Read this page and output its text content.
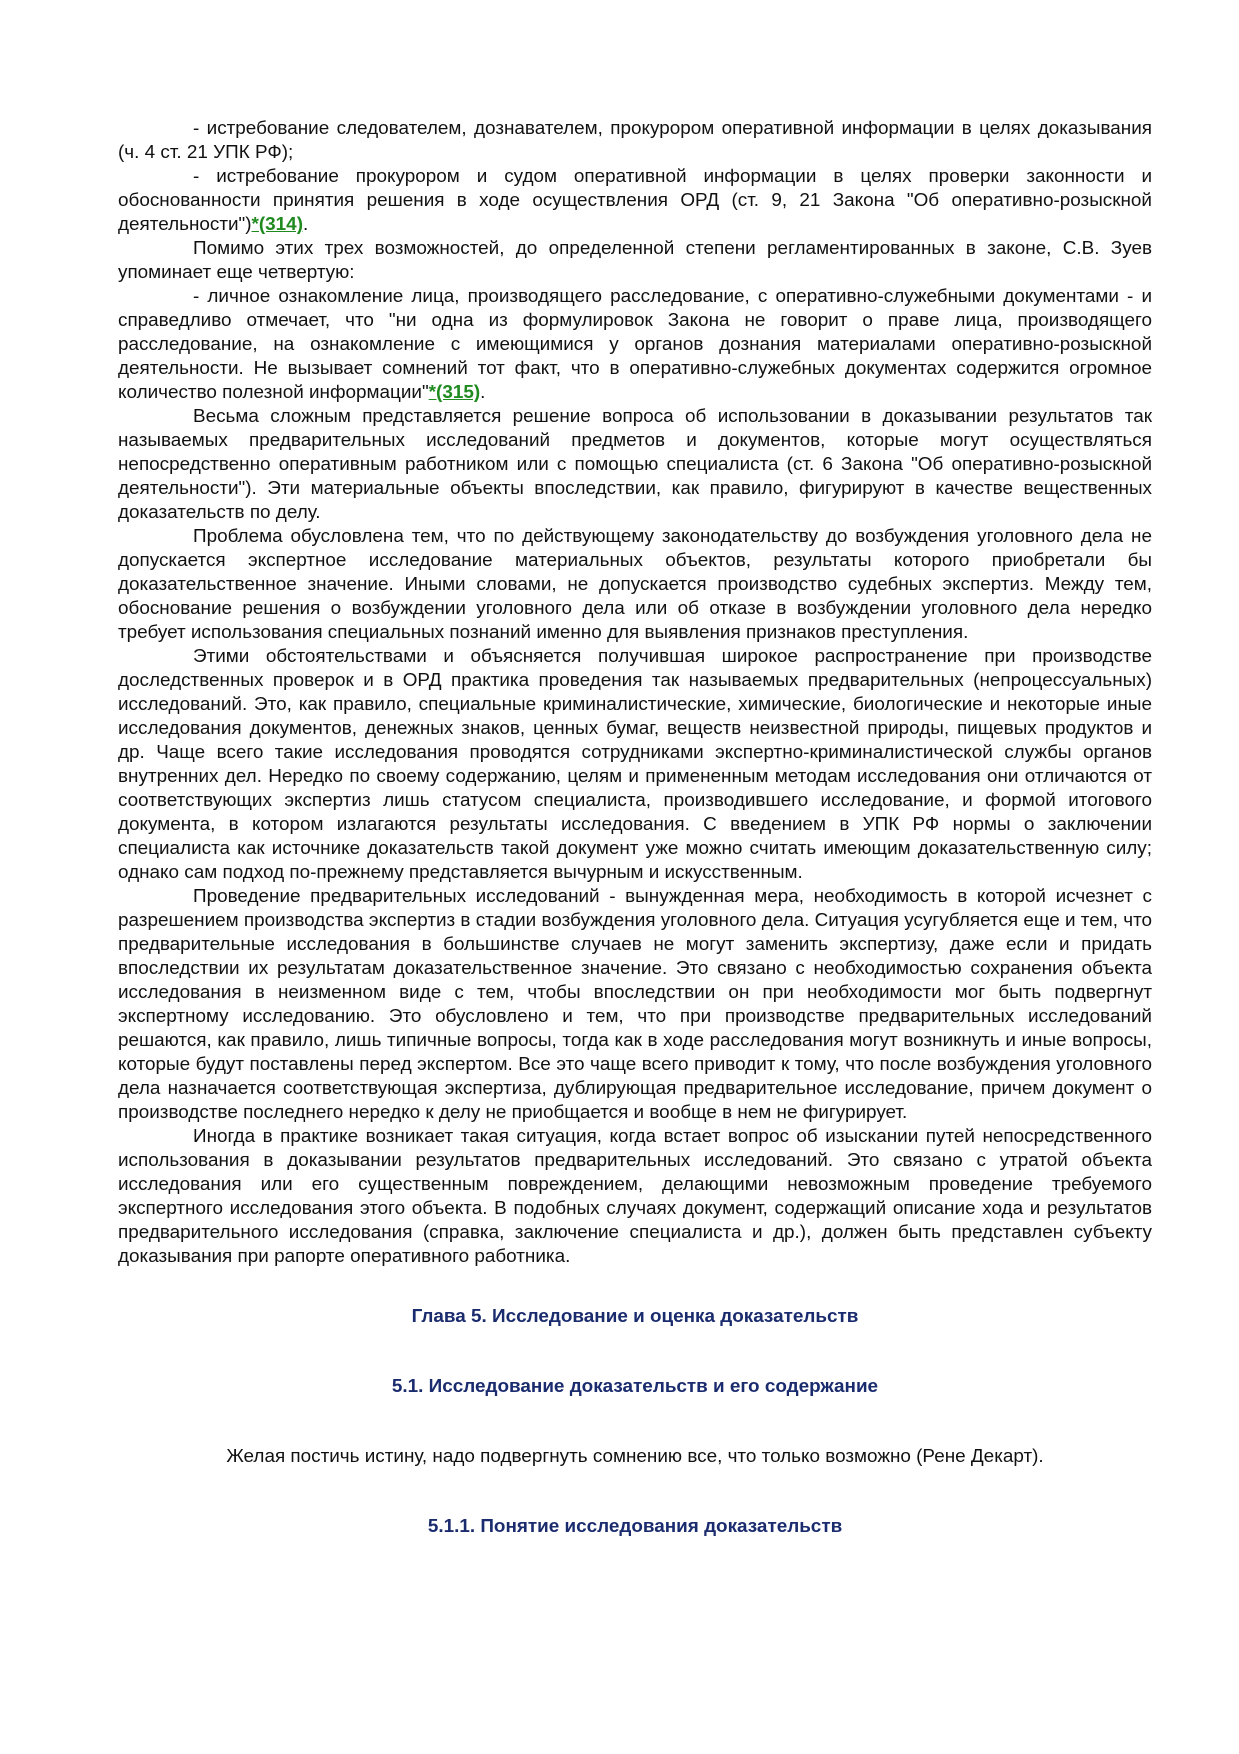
- истребование следователем, дознавателем, прокурором оперативной информации в целях доказывания (ч. 4 ст. 21 УПК РФ);

- истребование прокурором и судом оперативной информации в целях проверки законности и обоснованности принятия решения в ходе осуществления ОРД (ст. 9, 21 Закона "Об оперативно-розыскной деятельности")*(314).

Помимо этих трех возможностей, до определенной степени регламентированных в законе, С.В. Зуев упоминает еще четвертую:

- личное ознакомление лица, производящего расследование, с оперативно-служебными документами - и справедливо отмечает, что "ни одна из формулировок Закона не говорит о праве лица, производящего расследование, на ознакомление с имеющимися у органов дознания материалами оперативно-розыскной деятельности. Не вызывает сомнений тот факт, что в оперативно-служебных документах содержится огромное количество полезной информации"*(315).

Весьма сложным представляется решение вопроса об использовании в доказывании результатов так называемых предварительных исследований предметов и документов, которые могут осуществляться непосредственно оперативным работником или с помощью специалиста (ст. 6 Закона "Об оперативно-розыскной деятельности"). Эти материальные объекты впоследствии, как правило, фигурируют в качестве вещественных доказательств по делу.

Проблема обусловлена тем, что по действующему законодательству до возбуждения уголовного дела не допускается экспертное исследование материальных объектов, результаты которого приобретали бы доказательственное значение. Иными словами, не допускается производство судебных экспертиз. Между тем, обоснование решения о возбуждении уголовного дела или об отказе в возбуждении уголовного дела нередко требует использования специальных познаний именно для выявления признаков преступления.

Этими обстоятельствами и объясняется получившая широкое распространение при производстве доследственных проверок и в ОРД практика проведения так называемых предварительных (непроцессуальных) исследований. Это, как правило, специальные криминалистические, химические, биологические и некоторые иные исследования документов, денежных знаков, ценных бумаг, веществ неизвестной природы, пищевых продуктов и др. Чаще всего такие исследования проводятся сотрудниками экспертно-криминалистической службы органов внутренних дел. Нередко по своему содержанию, целям и примененным методам исследования они отличаются от соответствующих экспертиз лишь статусом специалиста, производившего исследование, и формой итогового документа, в котором излагаются результаты исследования. С введением в УПК РФ нормы о заключении специалиста как источнике доказательств такой документ уже можно считать имеющим доказательственную силу; однако сам подход по-прежнему представляется вычурным и искусственным.

Проведение предварительных исследований - вынужденная мера, необходимость в которой исчезнет с разрешением производства экспертиз в стадии возбуждения уголовного дела. Ситуация усугубляется еще и тем, что предварительные исследования в большинстве случаев не могут заменить экспертизу, даже если и придать впоследствии их результатам доказательственное значение. Это связано с необходимостью сохранения объекта исследования в неизменном виде с тем, чтобы впоследствии он при необходимости мог быть подвергнут экспертному исследованию. Это обусловлено и тем, что при производстве предварительных исследований решаются, как правило, лишь типичные вопросы, тогда как в ходе расследования могут возникнуть и иные вопросы, которые будут поставлены перед экспертом. Все это чаще всего приводит к тому, что после возбуждения уголовного дела назначается соответствующая экспертиза, дублирующая предварительное исследование, причем документ о производстве последнего нередко к делу не приобщается и вообще в нем не фигурирует.

Иногда в практике возникает такая ситуация, когда встает вопрос об изыскании путей непосредственного использования в доказывании результатов предварительных исследований. Это связано с утратой объекта исследования или его существенным повреждением, делающими невозможным проведение требуемого экспертного исследования этого объекта. В подобных случаях документ, содержащий описание хода и результатов предварительного исследования (справка, заключение специалиста и др.), должен быть представлен субъекту доказывания при рапорте оперативного работника.

Глава 5. Исследование и оценка доказательств

5.1. Исследование доказательств и его содержание

Желая постичь истину, надо подвергнуть сомнению все, что только возможно (Рене Декарт).

5.1.1. Понятие исследования доказательств
